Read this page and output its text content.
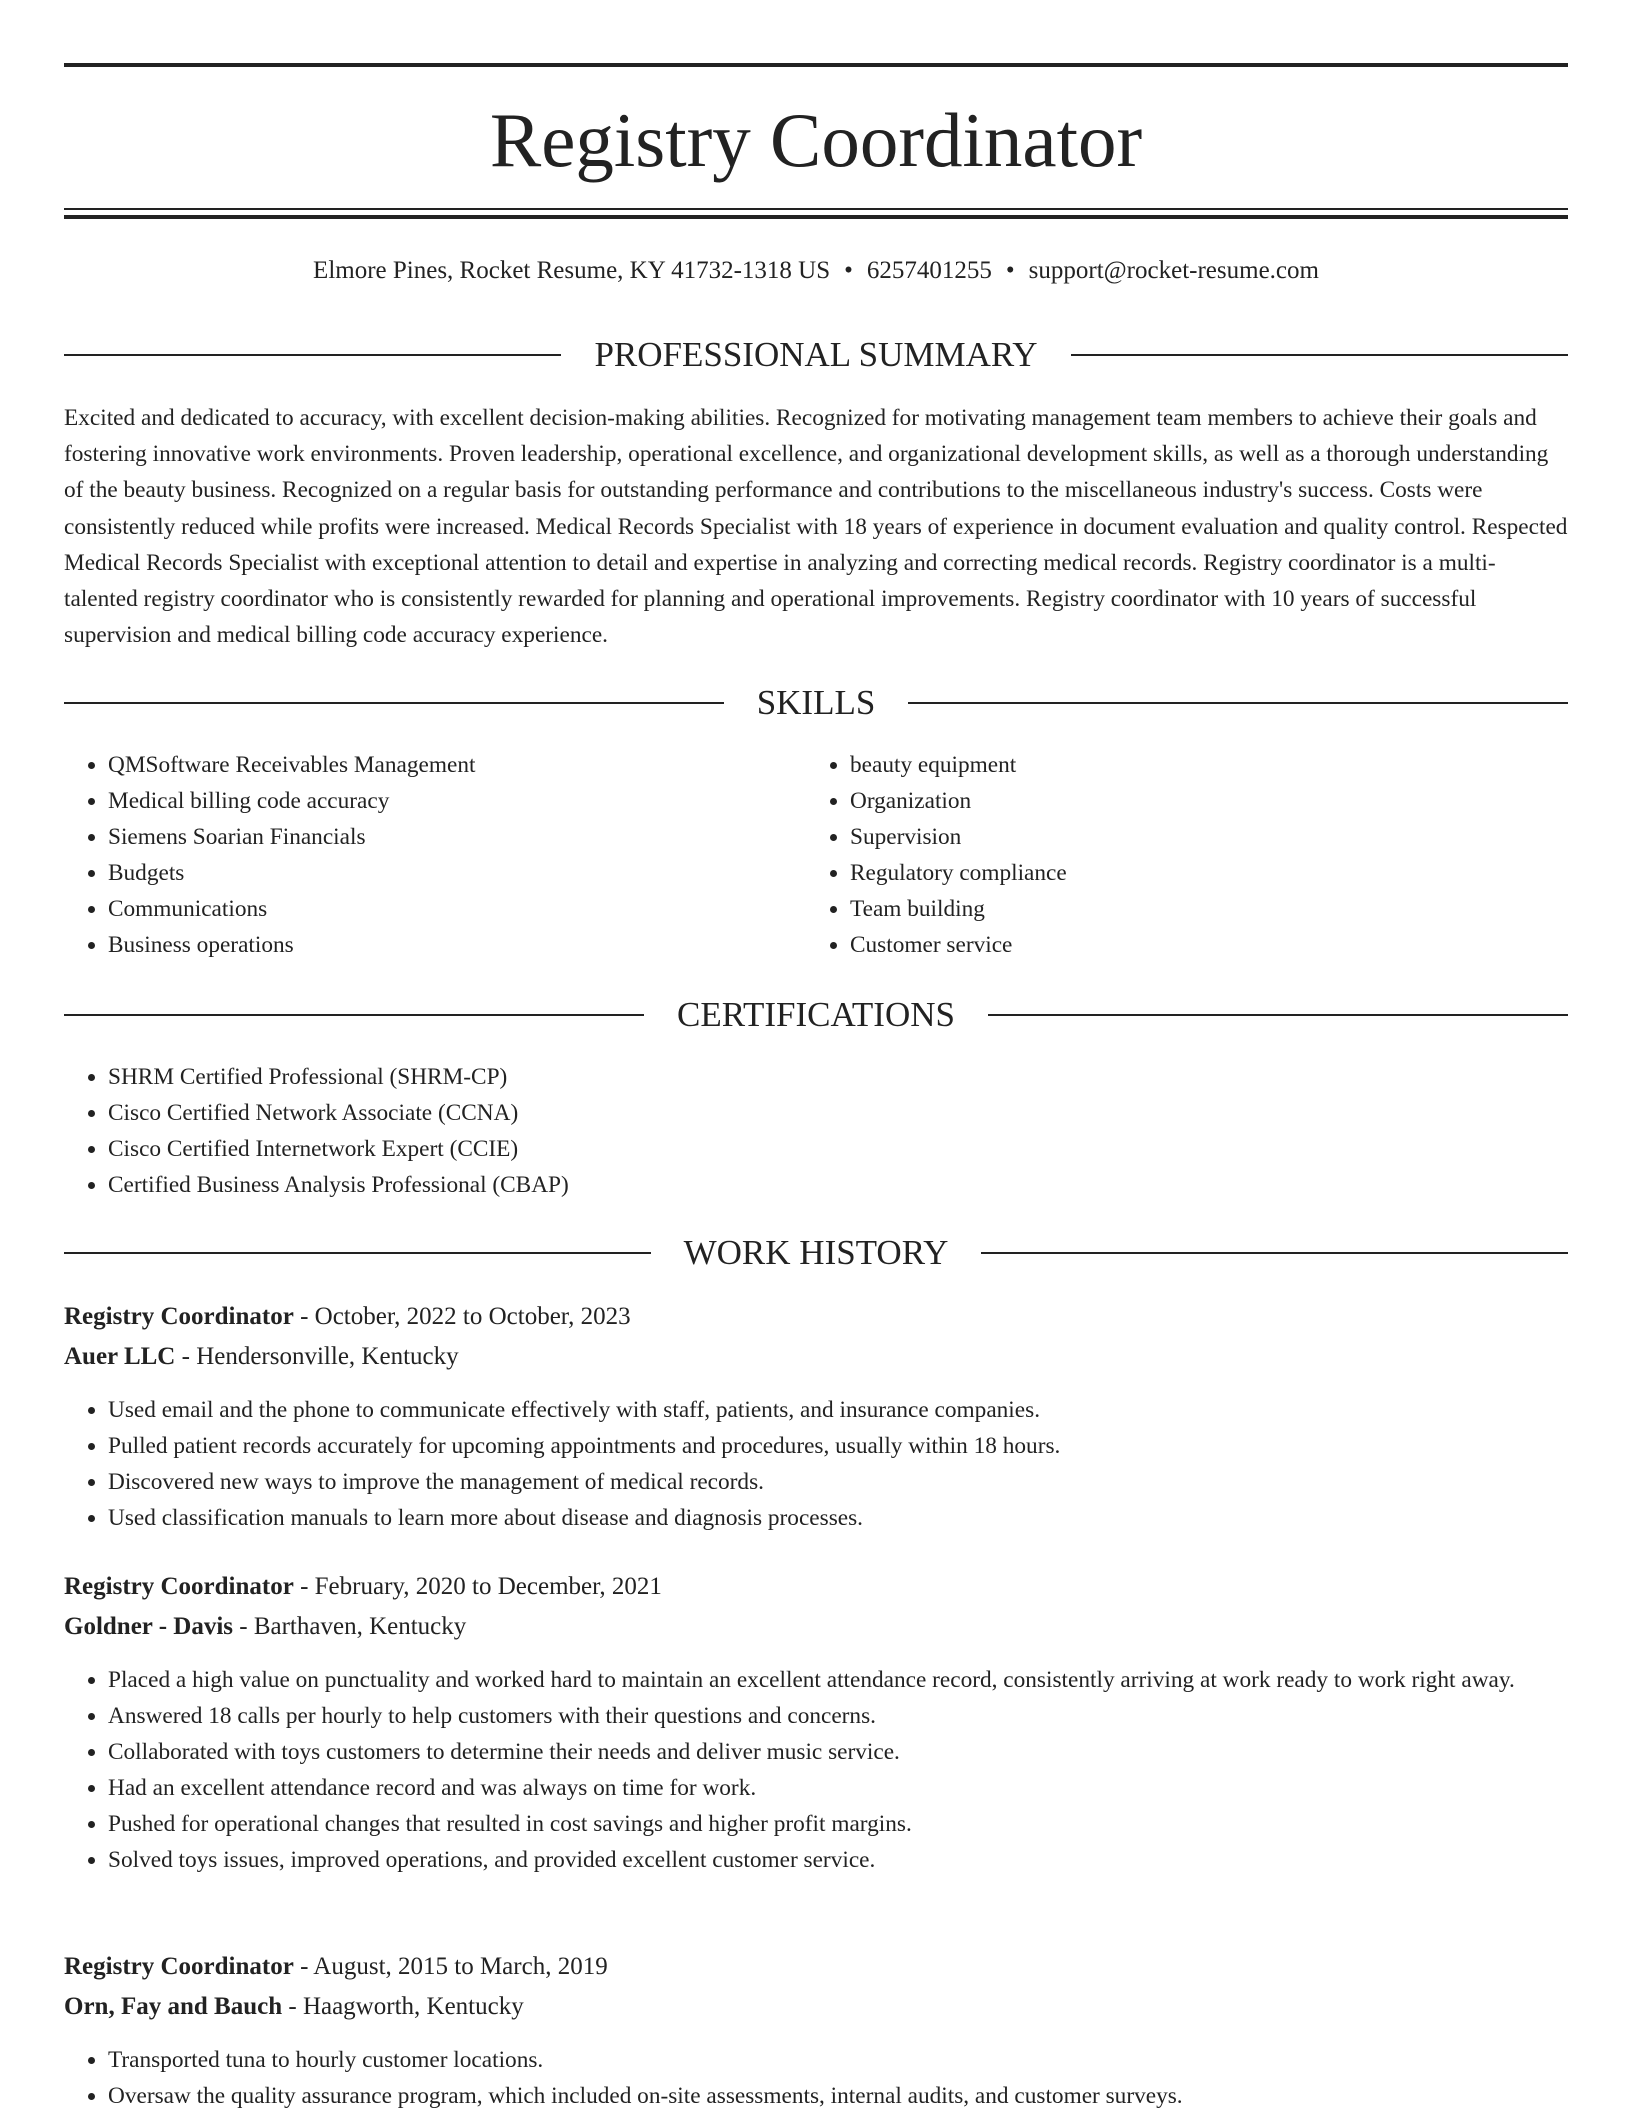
Registry Coordinator
Elmore Pines, Rocket Resume, KY 41732-1318 US • 6257401255 • support@rocket-resume.com
PROFESSIONAL SUMMARY

Excited and dedicated to accuracy, with excellent decision-making abilities. Recognized for motivating management team members to achieve their goals and fostering innovative work environments. Proven leadership, operational excellence, and organizational development skills, as well as a thorough understanding of the beauty business. Recognized on a regular basis for outstanding performance and contributions to the miscellaneous industry's success. Costs were consistently reduced while profits were increased. Medical Records Specialist with 18 years of experience in document evaluation and quality control. Respected Medical Records Specialist with exceptional attention to detail and expertise in analyzing and correcting medical records. Registry coordinator is a multi-talented registry coordinator who is consistently rewarded for planning and operational improvements. Registry coordinator with 10 years of successful supervision and medical billing code accuracy experience.

SKILLS
• QMSoftware Receivables Management
• Medical billing code accuracy
• Siemens Soarian Financials
• Budgets
• Communications
• Business operations
• beauty equipment
• Organization
• Supervision
• Regulatory compliance
• Team building
• Customer service
CERTIFICATIONS
• SHRM Certified Professional (SHRM-CP)
• Cisco Certified Network Associate (CCNA)
• Cisco Certified Internetwork Expert (CCIE)
• Certified Business Analysis Professional (CBAP)
WORK HISTORY
Registry Coordinator - October, 2022 to October, 2023
Auer LLC - Hendersonville, Kentucky
• Used email and the phone to communicate effectively with staff, patients, and insurance companies.
• Pulled patient records accurately for upcoming appointments and procedures, usually within 18 hours.
• Discovered new ways to improve the management of medical records.
• Used classification manuals to learn more about disease and diagnosis processes.
Registry Coordinator - February, 2020 to December, 2021
Goldner - Davis - Barthaven, Kentucky
• Placed a high value on punctuality and worked hard to maintain an excellent attendance record, consistently arriving at work ready to work right away.
• Answered 18 calls per hourly to help customers with their questions and concerns.
• Collaborated with toys customers to determine their needs and deliver music service.
• Had an excellent attendance record and was always on time for work.
• Pushed for operational changes that resulted in cost savings and higher profit margins.
• Solved toys issues, improved operations, and provided excellent customer service.
Registry Coordinator - August, 2015 to March, 2019
Orn, Fay and Bauch - Haagworth, Kentucky
• Transported tuna to hourly customer locations.
• Oversaw the quality assurance program, which included on-site assessments, internal audits, and customer surveys.
